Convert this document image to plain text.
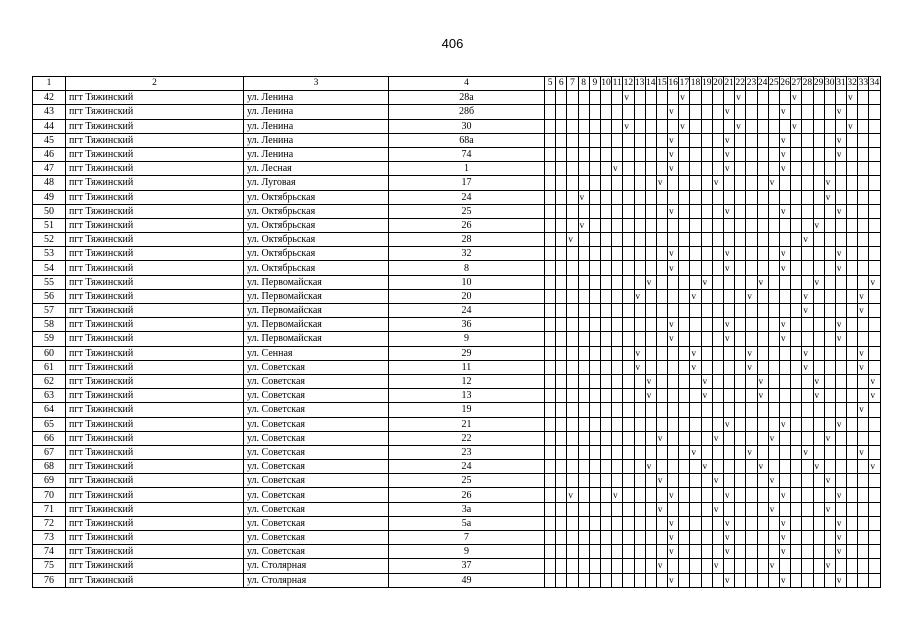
406
1	2	3	4	5	6	7	8	9	10	11	12	13	14	15	16	17	18	19	20	21	22	23	24	25	26	27	28	29	30	31	32	33	34
42	пгт Тяжинский	ул. Ленина	28а								v					v					v					v					v		
43	пгт Тяжинский	ул. Ленина	28б												v					v					v					v			
44	пгт Тяжинский	ул. Ленина	30								v					v					v					v					v		
45	пгт Тяжинский	ул. Ленина	68а												v					v					v					v			
46	пгт Тяжинский	ул. Ленина	74												v					v					v					v			
47	пгт Тяжинский	ул. Лесная	1							v					v					v					v								
48	пгт Тяжинский	ул. Луговая	17											v					v					v					v				
49	пгт Тяжинский	ул. Октябрьская	24				v																						v				
50	пгт Тяжинский	ул. Октябрьская	25												v					v					v					v			
51	пгт Тяжинский	ул. Октябрьская	26				v																					v					
52	пгт Тяжинский	ул. Октябрьская	28			v																					v						
53	пгт Тяжинский	ул. Октябрьская	32												v					v					v					v			
54	пгт Тяжинский	ул. Октябрьская	8												v					v					v					v			
55	пгт Тяжинский	ул. Первомайская	10										v					v					v					v					v
56	пгт Тяжинский	ул. Первомайская	20									v					v					v					v					v	
57	пгт Тяжинский	ул. Первомайская	24																								v					v	
58	пгт Тяжинский	ул. Первомайская	36												v					v					v					v			
59	пгт Тяжинский	ул. Первомайская	9												v					v					v					v			
60	пгт Тяжинский	ул. Сенная	29									v					v					v					v					v	
61	пгт Тяжинский	ул. Советская	11									v					v					v					v					v	
62	пгт Тяжинский	ул. Советская	12										v					v					v					v					v
63	пгт Тяжинский	ул. Советская	13										v					v					v					v					v
64	пгт Тяжинский	ул. Советская	19																													v	
65	пгт Тяжинский	ул. Советская	21																	v					v					v			
66	пгт Тяжинский	ул. Советская	22											v					v					v					v				
67	пгт Тяжинский	ул. Советская	23														v					v					v					v	
68	пгт Тяжинский	ул. Советская	24										v					v					v					v					v
69	пгт Тяжинский	ул. Советская	25											v					v					v					v				
70	пгт Тяжинский	ул. Советская	26			v				v					v					v					v					v			
71	пгт Тяжинский	ул. Советская	3а											v					v					v					v				
72	пгт Тяжинский	ул. Советская	5а												v					v					v					v			
73	пгт Тяжинский	ул. Советская	7												v					v					v					v			
74	пгт Тяжинский	ул. Советская	9												v					v					v					v			
75	пгт Тяжинский	ул. Столярная	37											v					v					v					v				
76	пгт Тяжинский	ул. Столярная	49												v					v					v					v			
